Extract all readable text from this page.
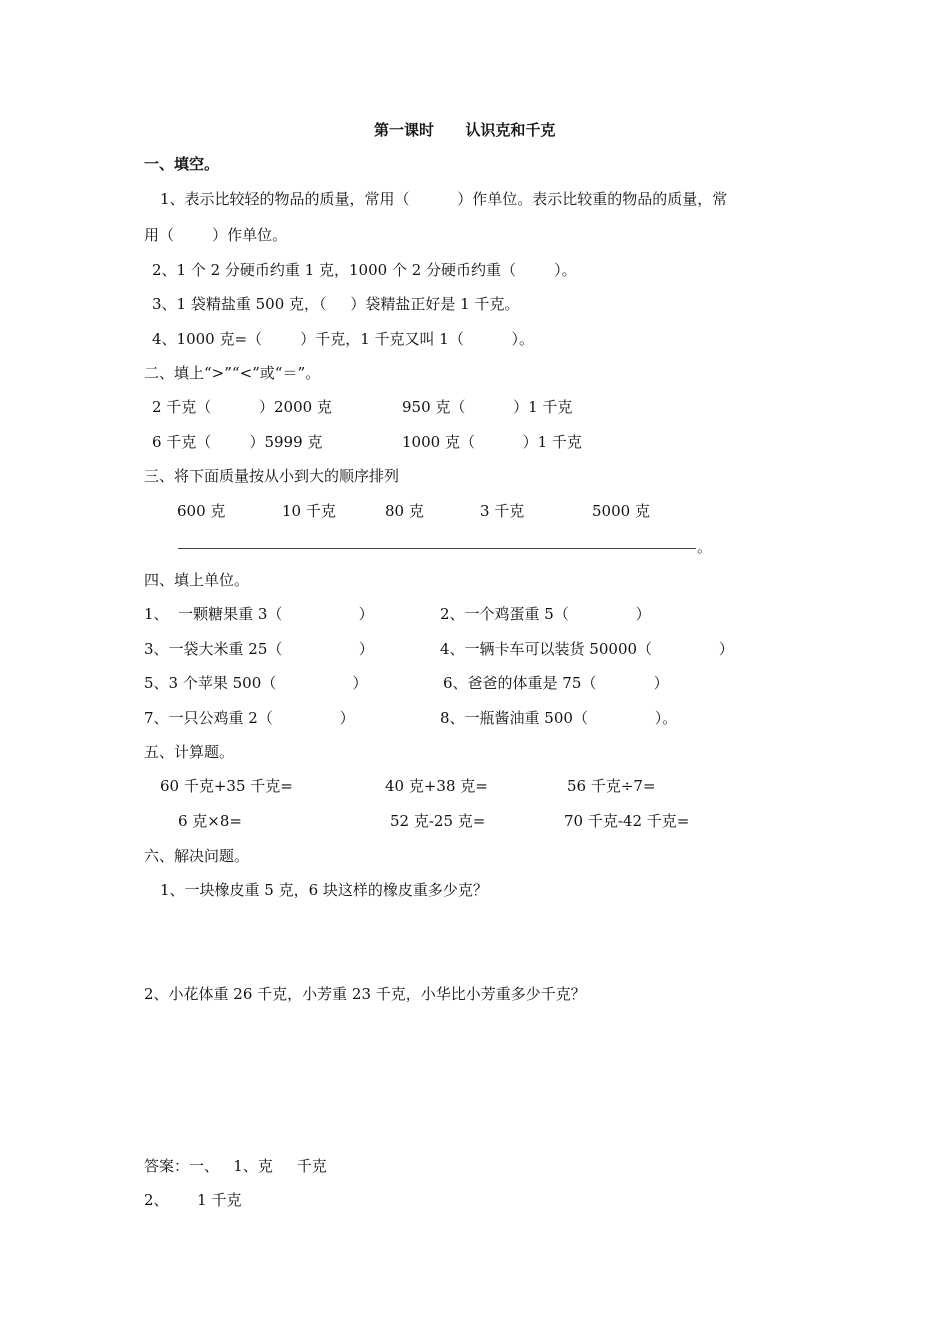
第一课时      认识克和千克
一、填空。
1、表示比较轻的物品的质量，常用（          ）作单位。表示比较重的物品的质量，常
用（        ）作单位。
2、1 个 2 分硬币约重 1 克，1000 个 2 分硬币约重（        ）。
3、1 袋精盐重 500 克，（     ）袋精盐正好是 1 千克。
4、1000 克=（        ）千克，1 千克又叫 1（          ）。
二、填上“>”“<”或“＝”。
2 千克（          ）2000 克	950 克（          ）1 千克
6 千克（        ）5999 克	1000 克（          ）1 千克
三、将下面质量按从小到大的顺序排列
600 克	10 千克	80 克	3 千克	5000 克
。
四、填上单位。
1、  一颗糖果重 3（                ）	2、一个鸡蛋重 5（              ）
3、一袋大米重 25（                ）	4、一辆卡车可以装货 50000（              ）
5、3 个苹果 500（                ）	6、爸爸的体重是 75（            ）
7、一只公鸡重 2（              ）	8、一瓶酱油重 500（              ）。
五、计算题。
60 千克+35 千克=	40 克+38 克=	56 千克÷7=
6 克×8=	52 克-25 克=	70 千克-42 千克=
六、解决问题。
1、一块橡皮重 5 克，6 块这样的橡皮重多少克？
2、小花体重 26 千克，小芳重 23 千克，小华比小芳重多少千克？
答案：一、   1、克     千克
2、      1 千克
